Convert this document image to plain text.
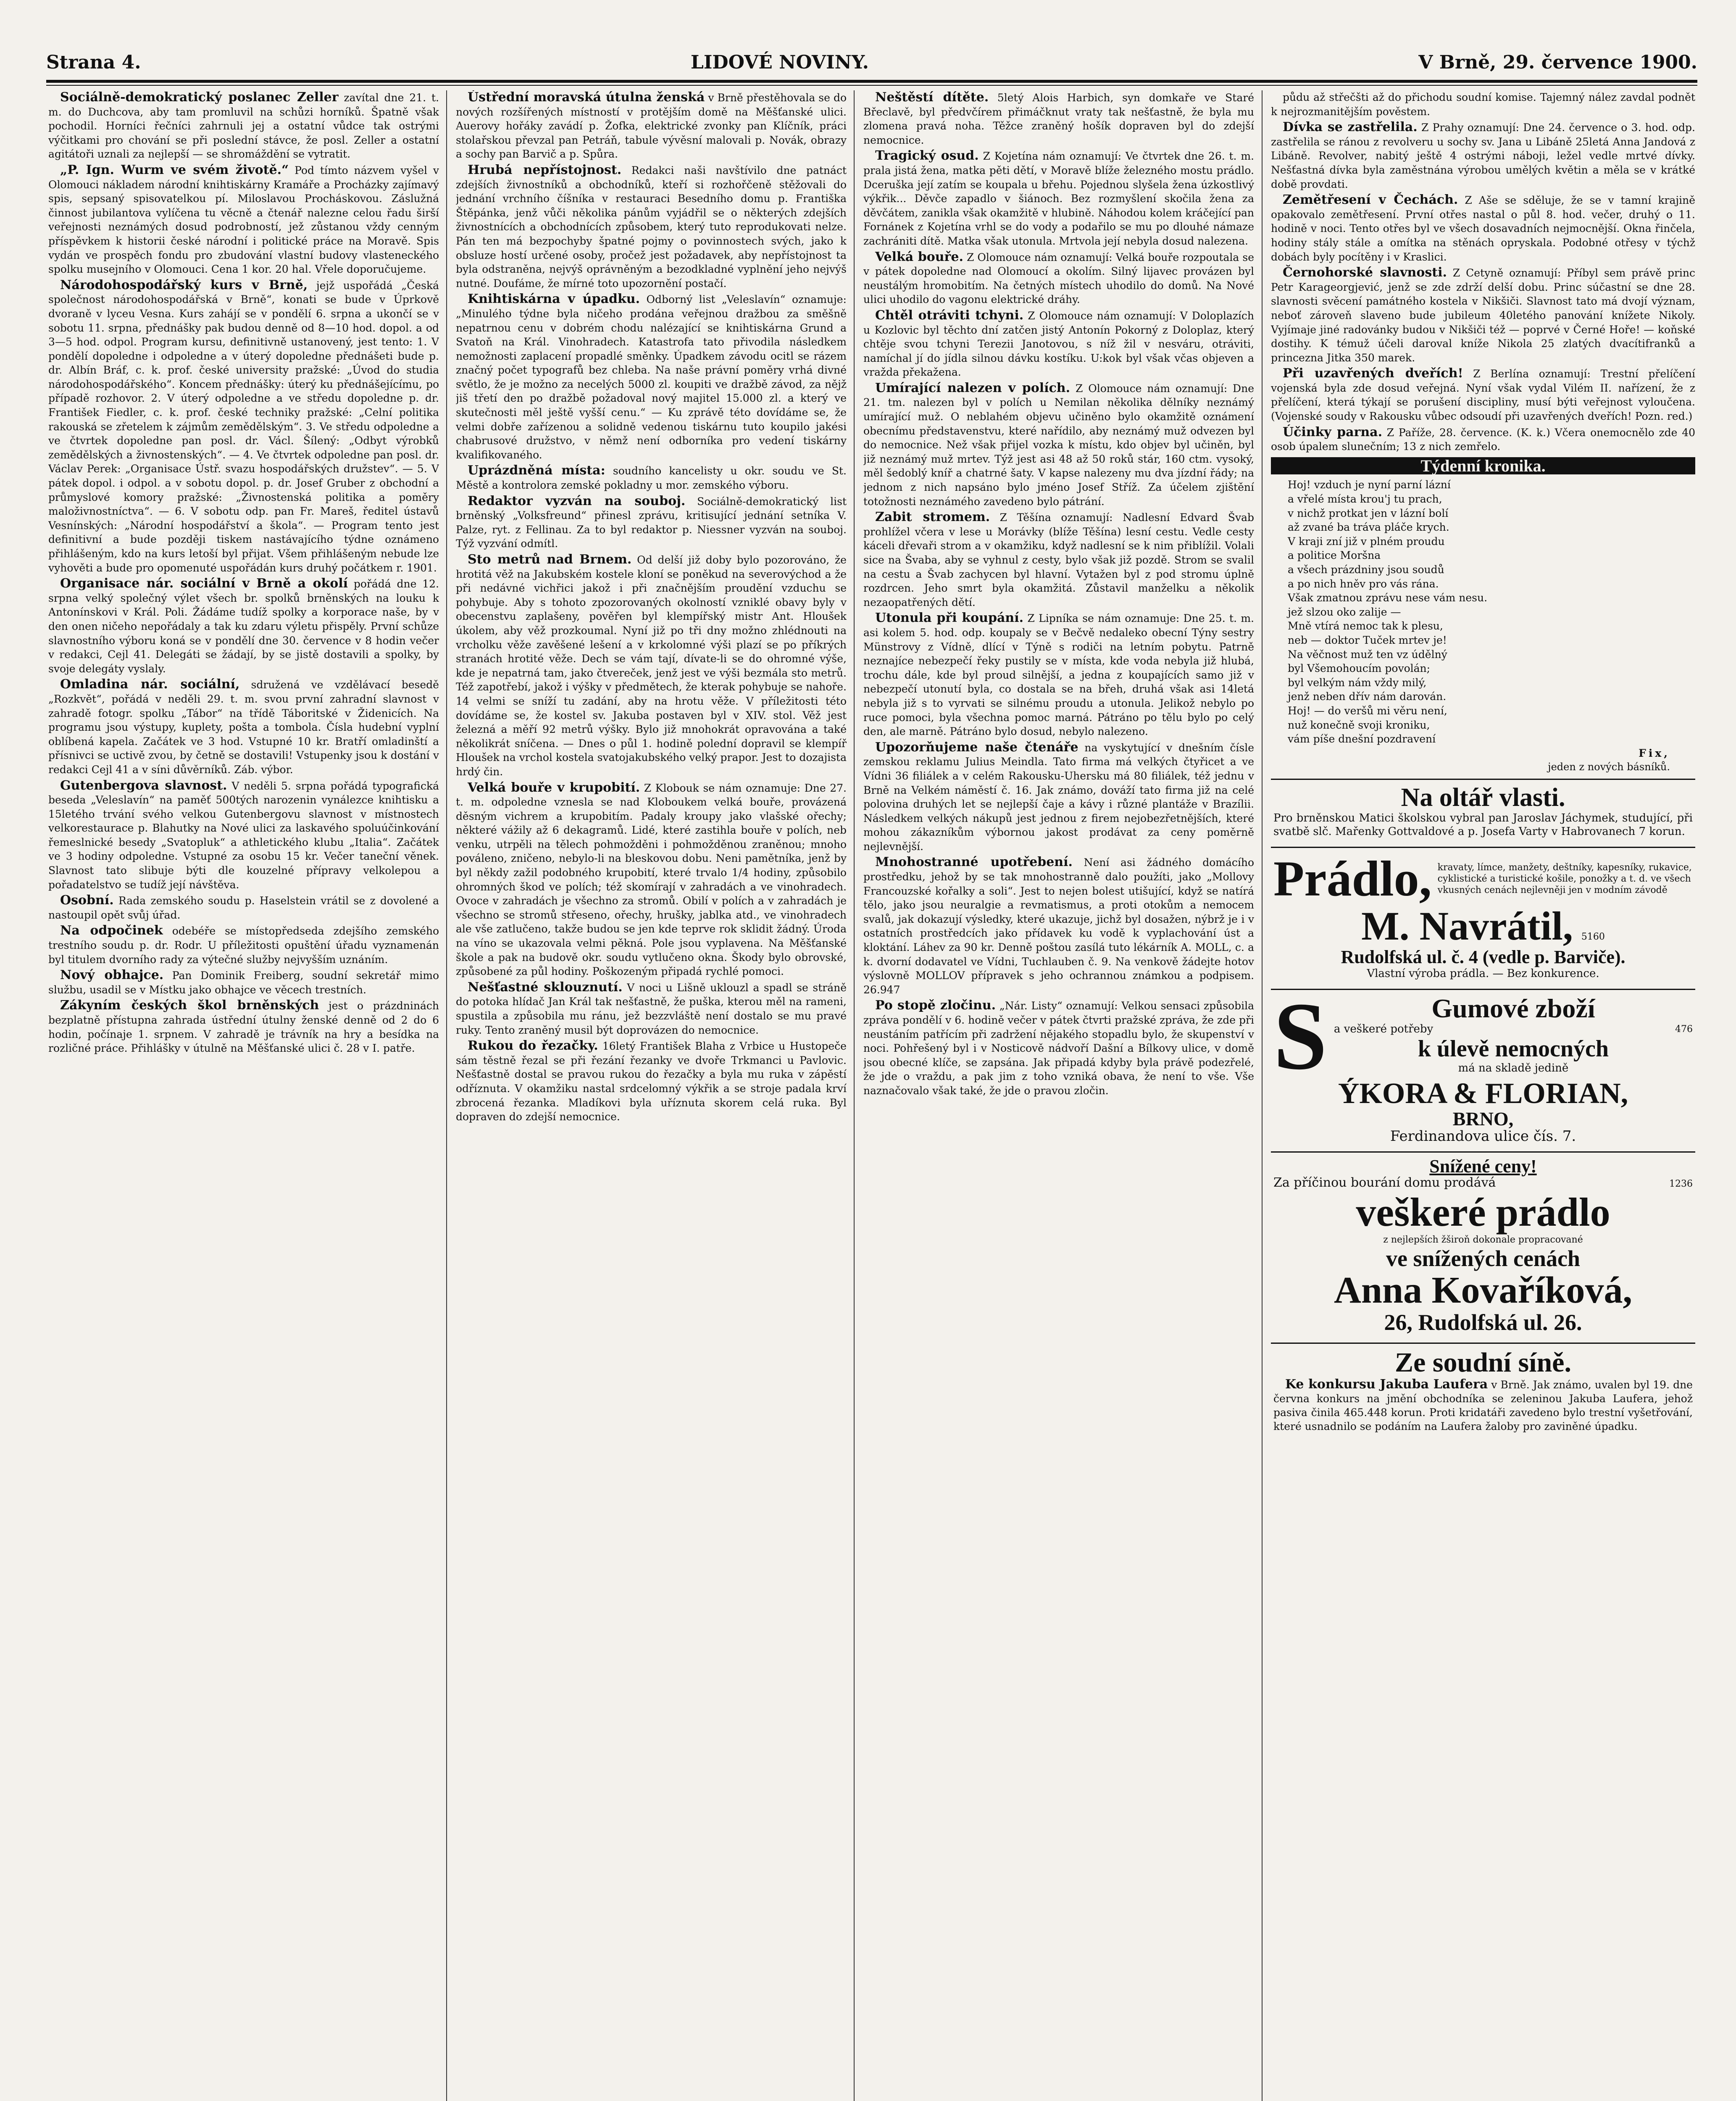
Strana 4.	LIDOVÉ NOVINY.	V Brně, 29. července 1900.

Sociálně-demokratický poslanec Zeller zavítal dne 21. t. m. do Duchcova, aby tam promluvil na schůzi horníků. Špatně však pochodil. Horníci řečníci zahrnuli jej a ostatní vůdce tak ostrými výčitkami pro chování se při poslední stávce, že posl. Zeller a ostatní agitátoři uznali za nejlepší — se shromáždění se vytratit.

„P. Ign. Wurm ve svém životě.“ Pod tímto názvem vyšel v Olomouci nákladem národní knihtiskárny Kramáře a Procházky zajímavý spis, sepsaný spisovatelkou pí. Miloslavou Procháskovou. Záslužná činnost jubilantova vylíčena tu věcně a čtenář nalezne celou řadu širší veřejnosti neznámých dosud podrobností, jež zůstanou vždy cenným příspěvkem k historii české národní i politické práce na Moravě. Spis vydán ve prospěch fondu pro zbudování vlastní budovy vlasteneckého spolku musejního v Olomouci. Cena 1 kor. 20 hal. Vřele doporučujeme.

Národohospodářský kurs v Brně, jejž uspořádá „Česká společnost národohospodářská v Brně“, konati se bude v Úprkově dvoraně v lyceu Vesna. Kurs zahájí se v pondělí 6. srpna a ukončí se v sobotu 11. srpna, přednášky pak budou denně od 8—10 hod. dopol. a od 3—5 hod. odpol. Program kursu, definitivně ustanovený, jest tento: 1. V pondělí dopoledne i odpoledne a v úterý dopoledne přednášeti bude p. dr. Albín Bráf, c. k. prof. české university pražské: „Úvod do studia národohospodářského“. Koncem přednášky: úterý ku přednášejícímu, po případě rozhovor. 2. V úterý odpoledne a ve středu dopoledne p. dr. František Fiedler, c. k. prof. české techniky pražské: „Celní politika rakouská se zřetelem k zájmům zemědělským“. 3. Ve středu odpoledne a ve čtvrtek dopoledne pan posl. dr. Václ. Šílený: „Odbyt výrobků zemědělských a živnostenských“. — 4. Ve čtvrtek odpoledne pan posl. dr. Václav Perek: „Organisace Ústř. svazu hospodářských družstev“. — 5. V pátek dopol. i odpol. a v sobotu dopol. p. dr. Josef Gruber z obchodní a průmyslové komory pražské: „Živnostenská politika a poměry maloživnostníctva“. — 6. V sobotu odp. pan Fr. Mareš, ředitel ústavů Vesnínských: „Národní hospodářství a škola“. — Program tento jest definitivní a bude později tiskem nastávajícího týdne oznámeno přihlášeným, kdo na kurs letoší byl přijat. Všem přihlášeným nebude lze vyhověti a bude pro opomenuté uspořádán kurs druhý počátkem r. 1901.

Organisace nár. sociální v Brně a okolí pořádá dne 12. srpna velký společný výlet všech br. spolků brněnských na louku k Antonínskovi v Král. Poli. Žádáme tudíž spolky a korporace naše, by v den onen ničeho nepořádaly a tak ku zdaru výletu přispěly. První schůze slavnostního výboru koná se v pondělí dne 30. července v 8 hodin večer v redakci, Cejl 41. Delegáti se žádají, by se jistě dostavili a spolky, by svoje delegáty vyslaly.

Omladina nár. sociální, sdružená ve vzdělávací besedě „Rozkvět“, pořádá v neděli 29. t. m. svou první zahradní slavnost v zahradě fotogr. spolku „Tábor“ na třídě Táboritské v Židenicích. Na programu jsou výstupy, kuplety, pošta a tombola. Čísla hudební vyplní oblíbená kapela. Začátek ve 3 hod. Vstupné 10 kr. Bratří omladinští a přísnivci se uctivě zvou, by četně se dostavili! Vstupenky jsou k dostání v redakci Cejl 41 a v síni důvěrníků. Záb. výbor.

Gutenbergova slavnost. V neděli 5. srpna pořádá typografická beseda „Veleslavín“ na paměť 500tých narozenin vynálezce knihtisku a 15letého trvání svého velkou Gutenbergovu slavnost v místnostech velkorestaurace p. Blahutky na Nové ulici za laskavého spoluúčinkování řemeslnické besedy „Svatopluk“ a athletického klubu „Italia“. Začátek ve 3 hodiny odpoledne. Vstupné za osobu 15 kr. Večer taneční věnek. Slavnost tato slibuje býti dle kouzelné přípravy velkolepou a pořadatelstvo se tudíž její návštěva.

Osobní. Rada zemského soudu p. Haselstein vrátil se z dovolené a nastoupil opět svůj úřad.

Na odpočinek odebéře se místopředseda zdejšího zemského trestního soudu p. dr. Rodr. U příležitosti opuštění úřadu vyznamenán byl titulem dvorního rady za výtečné služby nejvyšším uznáním.

Nový obhajce. Pan Dominik Freiberg, soudní sekretář mimo službu, usadil se v Místku jako obhajce ve věcech trestních.

Zákyním českých škol brněnských jest o prázdninách bezplatně přístupna zahrada ústřední útulny ženské denně od 2 do 6 hodin, počínaje 1. srpnem. V zahradě je trávník na hry a besídka na rozličné práce. Přihlášky v útulně na Měšťanské ulici č. 28 v I. patře.

Ústřední moravská útulna ženská v Brně přestěhovala se do nových rozšířených místností v protějším domě na Měšťanské ulici. Auerovy hořáky zavádí p. Žofka, elektrické zvonky pan Klíčník, práci stolařskou převzal pan Petráň, tabule vývěsní malovali p. Novák, obrazy a sochy pan Barvič a p. Spůra.

Hrubá nepřístojnost. Redakci naši navštívilo dne patnáct zdejších živnostníků a obchodníků, kteří si rozhořčeně stěžovali do jednání vrchního číšníka v restauraci Besedního domu p. Františka Štěpánka, jenž vůči několika pánům vyjádřil se o některých zdejších živnostnících a obchodnících způsobem, který tuto reprodukovati nelze. Pán ten má bezpochyby špatné pojmy o povinnostech svých, jako k obsluze hostí určené osoby, pročež jest požadavek, aby nepřístojnost ta byla odstraněna, nejvýš oprávněným a bezodkladné vyplnění jeho nejvýš nutné. Doufáme, že mírné toto upozornění postačí.

Knihtiskárna v úpadku. Odborný list „Veleslavín“ oznamuje: „Minulého týdne byla ničeho prodána veřejnou dražbou za směšně nepatrnou cenu v dobrém chodu nalézající se knihtiskárna Grund a Svatoň na Král. Vinohradech. Katastrofa tato přivodila následkem nemožnosti zaplacení propadlé směnky. Úpadkem závodu ocitl se rázem značný počet typografů bez chleba. Na naše právní poměry vrhá divné světlo, že je možno za necelých 5000 zl. koupiti ve dražbě závod, za nějž jiš třetí den po dražbě požadoval nový majitel 15.000 zl. a který ve skutečnosti měl ještě vyšší cenu.“ — Ku zprávě této dovídáme se, že velmi dobře zařízenou a solidně vedenou tiskárnu tuto koupilo jakési chabrusové družstvo, v němž není odborníka pro vedení tiskárny kvalifikovaného.

Uprázdněná místa: soudního kancelisty u okr. soudu ve St. Městě a kontrolora zemské pokladny u mor. zemského výboru.

Redaktor vyzván na souboj. Sociálně-demokratický list brněnský „Volksfreund“ přinesl zprávu, kritisující jednání setníka V. Palze, ryt. z Fellinau. Za to byl redaktor p. Niessner vyzván na souboj. Týž vyzvání odmítl.

Sto metrů nad Brnem. Od delší již doby bylo pozorováno, že hrotitá věž na Jakubském kostele kloní se poněkud na severovýchod a že při nedávné vichřici jakož i při značnějším proudění vzduchu se pohybuje. Aby s tohoto zpozorovaných okolností vzniklé obavy byly v obecenstvu zaplašeny, pověřen byl klempířský mistr Ant. Hloušek úkolem, aby věž prozkoumal. Nyní již po tři dny možno zhlédnouti na vrcholku věže zavěšené lešení a v krkolomné výši plazí se po příkrých stranách hrotité věže. Dech se vám tají, dívate-li se do ohromné výše, kde je nepatrná tam, jako čtvereček, jenž jest ve výši bezmála sto metrů. Též zapotřebí, jakož i výšky v předmětech, že kterak pohybuje se nahoře. 14 velmi se sníží tu zadání, aby na hrotu věže. V příležitosti této dovídáme se, že kostel sv. Jakuba postaven byl v XIV. stol. Věž jest železná a měří 92 metrů výšky. Bylo již mnohokrát opravována a také několikrát sníčena. — Dnes o půl 1. hodině polední dopravil se klempíř Hloušek na vrchol kostela svatojakubského velký prapor. Jest to dozajista hrdý čin.

Velká bouře v krupobití. Z Klobouk se nám oznamuje: Dne 27. t. m. odpoledne vznesla se nad Kloboukem velká bouře, provázená děsným vichrem a krupobitím. Padaly kroupy jako vlašské ořechy; některé vážily až 6 dekagramů. Lidé, které zastihla bouře v polích, neb venku, utrpěli na tělech pohmožděni i pohmožděnou zraněnou; mnoho pováleno, zničeno, nebylo-li na bleskovou dobu. Neni pamětníka, jenž by byl někdy zažil podobného krupobití, které trvalo 1/4 hodiny, způsobilo ohromných škod ve polích; též skomírají v zahradách a ve vinohradech. Ovoce v zahradách je všechno za stromů. Obilí v polích a v zahradách je všechno se stromů střeseno, ořechy, hrušky, jablka atd., ve vinohradech ale vše zatlučeno, takže budou se jen kde teprve rok sklidit žádný. Úroda na víno se ukazovala velmi pěkná. Pole jsou vyplavena. Na Měšťanské škole a pak na budově okr. soudu vytlučeno okna. Škody bylo obrovské, způsobené za půl hodiny. Poškozeným připadá rychlé pomoci.

Nešťastné sklouznutí. V noci u Lišně uklouzl a spadl se stráně do potoka hlídač Jan Král tak nešťastně, že puška, kterou měl na rameni, spustila a způsobila mu ránu, jež bezzvláště není dostalo se mu pravé ruky. Tento zraněný musil být doprovázen do nemocnice.

Rukou do řezačky. 16letý František Blaha z Vrbice u Hustopeče sám těstně řezal se při řezání řezanky ve dvoře Trkmanci u Pavlovic. Nešťastně dostal se pravou rukou do řezačky a byla mu ruka v zápěstí odříznuta. V okamžiku nastal srdcelomný výkřik a se stroje padala krví zbrocená řezanka. Mladíkovi byla uříznuta skorem celá ruka. Byl dopraven do zdejší nemocnice.

Neštěstí dítěte. 5letý Alois Harbich, syn domkaře ve Staré Břeclavě, byl předvčírem přimáčknut vraty tak nešťastně, že byla mu zlomena pravá noha. Těžce zraněný hošík dopraven byl do zdejší nemocnice.

Tragický osud. Z Kojetína nám oznamují: Ve čtvrtek dne 26. t. m. prala jistá žena, matka pěti dětí, v Moravě blíže železného mostu prádlo. Dceruška její zatím se koupala u břehu. Pojednou slyšela žena úzkostlivý výkřik... Děvče zapadlo v šiánoch. Bez rozmyšlení skočila žena za děvčátem, zanikla však okamžitě v hlubině. Náhodou kolem kráčející pan Fornánek z Kojetína vrhl se do vody a podařilo se mu po dlouhé námaze zachrániti dítě. Matka však utonula. Mrtvola její nebyla dosud nalezena.

Velká bouře. Z Olomouce nám oznamují: Velká bouře rozpoutala se v pátek dopoledne nad Olomoucí a okolím. Silný lijavec provázen byl neustálým hromobitím. Na četných místech uhodilo do domů. Na Nové ulici uhodilo do vagonu elektrické dráhy.

Chtěl otráviti tchyni. Z Olomouce nám oznamují: V Doloplazích u Kozlovic byl těchto dní zatčen jistý Antonín Pokorný z Doloplaz, který chtěje svou tchyni Terezii Janotovou, s níž žil v nesváru, otráviti, namíchal jí do jídla silnou dávku kostíku. U:kok byl však včas objeven a vražda překažena.

Umírající nalezen v polích. Z Olomouce nám oznamují: Dne 21. tm. nalezen byl v polích u Nemilan několika dělníky neznámý umírající muž. O neblahém objevu učiněno bylo okamžitě oznámení obecnímu představenstvu, které nařídilo, aby neznámý muž odvezen byl do nemocnice. Než však přijel vozka k místu, kdo objev byl učiněn, byl již neznámý muž mrtev. Týž jest asi 48 až 50 roků stár, 160 ctm. vysoký, měl šedoblý kníř a chatrné šaty. V kapse nalezeny mu dva jízdní řády; na jednom z nich napsáno bylo jméno Josef Stříž. Za účelem zjištění totožnosti neznámého zavedeno bylo pátrání.

Zabit stromem. Z Těšína oznamují: Nadlesní Edvard Švab prohlížel včera v lese u Morávky (blíže Těšína) lesní cestu. Vedle cesty káceli dřevaři strom a v okamžiku, když nadlesní se k nim přiblížil. Volali sice na Švaba, aby se vyhnul z cesty, bylo však již pozdě. Strom se svalil na cestu a Švab zachycen byl hlavní. Vytažen byl z pod stromu úplně rozdrcen. Jeho smrt byla okamžitá. Zůstavil manželku a několik nezaopatřených dětí.

Utonula při koupání. Z Lipníka se nám oznamuje: Dne 25. t. m. asi kolem 5. hod. odp. koupaly se v Bečvě nedaleko obecní Týny sestry Münstrovy z Vídně, dlící v Týně s rodiči na letním pobytu. Patrně neznajíce nebezpečí řeky pustily se v místa, kde voda nebyla již hlubá, trochu dále, kde byl proud silnější, a jedna z koupajících samo již v nebezpečí utonutí byla, co dostala se na břeh, druhá však asi 14letá nebyla již s to vyrvati se silnému proudu a utonula. Jelikož nebylo po ruce pomoci, byla všechna pomoc marná. Pátráno po tělu bylo po celý den, ale marně. Pátráno bylo dosud, nebylo nalezeno.

Upozorňujeme naše čtenáře na vyskytující v dnešním čísle zemskou reklamu Julius Meindla. Tato firma má velkých čtyřicet a ve Vídni 36 filiálek a v celém Rakousku-Uhersku má 80 filiálek, též jednu v Brně na Velkém náměstí č. 16. Jak známo, dováží tato firma již na celé polovina druhých let se nejlepší čaje a kávy i různé plantáže v Brazílii. Následkem velkých nákupů jest jednou z firem nejobezřetnějších, které mohou zákazníkům výbornou jakost prodávat za ceny poměrně nejlevnější.

Mnohostranné upotřebení. Není asi žádného domácího prostředku, jehož by se tak mnohostranně dalo použíti, jako „Mollovy Francouzské kořalky a soli“. Jest to nejen bolest utišující, když se natírá tělo, jako jsou neuralgie a revmatismus, a proti otokům a nemocem svalů, jak dokazují výsledky, které ukazuje, jichž byl dosažen, nýbrž je i v ostatních prostředcích jako přídavek ku vodě k vyplachování úst a kloktání. Láhev za 90 kr. Denně poštou zasílá tuto lékárník A. MOLL, c. a k. dvorní dodavatel ve Vídni, Tuchlauben č. 9. Na venkově žádejte hotov výslovně MOLLOV přípravek s jeho ochrannou známkou a podpisem. 26.947

Po stopě zločinu. „Nár. Listy“ oznamují: Velkou sensaci způsobila zpráva pondělí v 6. hodině večer v pátek čtvrti pražské zpráva, že zde při neustáním patřícím při zadržení nějakého stopadlu bylo, že skupenství v noci. Pohřešený byl i v Nosticově nádvoří Dašní a Bílkovy ulice, v domě jsou obecné klíče, se zapsána. Jak připadá kdyby byla právě podezřelé, že jde o vraždu, a pak jim z toho vzniká obava, že není to vše. Vše naznačovalo však také, že jde o pravou zločin.

půdu až střečšti až do přichodu soudní komise. Tajemný nález zavdal podnět k nejrozmanitějším pověstem.

Dívka se zastřelila. Z Prahy oznamují: Dne 24. července o 3. hod. odp. zastřelila se ránou z revolveru u sochy sv. Jana u Libáně 25letá Anna Jandová z Libáně. Revolver, nabitý ještě 4 ostrými náboji, ležel vedle mrtvé dívky. Nešťastná dívka byla zaměstnána výrobou umělých květin a měla se v krátké době provdati.

Zemětřesení v Čechách. Z Aše se sděluje, že se v tamní krajině opakovalo zemětřesení. První otřes nastal o půl 8. hod. večer, druhý o 11. hodině v noci. Tento otřes byl ve všech dosavadních nejmocnější. Okna řinčela, hodiny stály stále a omítka na stěnách opryskala. Podobné otřesy v týchž dobách byly pocítěny i v Kraslici.

Černohorské slavnosti. Z Cetyně oznamují: Příbyl sem právě princ Petr Karageorgjević, jenž se zde zdrží delší dobu. Princ súčastní se dne 28. slavnosti svěcení památného kostela v Nikšiči. Slavnost tato má dvojí význam, neboť zároveň slaveno bude jubileum 40letého panování knížete Nikoly. Vyjímaje jiné radovánky budou v Nikšiči též — poprvé v Černé Hoře! — koňské dostihy. K témuž účeli daroval kníže Nikola 25 zlatých dvacítifranků a princezna Jitka 350 marek.

Při uzavřených dveřích! Z Berlína oznamují: Trestní přelíčení vojenská byla zde dosud veřejná. Nyní však vydal Vilém II. nařízení, že z přelíčení, která týkají se porušení discipliny, musí býti veřejnost vyloučena. (Vojenské soudy v Rakousku vůbec odsoudí při uzavřených dveřích! Pozn. red.)

Účinky parna. Z Paříže, 28. července. (K. k.) Včera onemocnělo zde 40 osob úpalem slunečním; 13 z nich zemřelo.

Týdenní kronika.

Hoj! vzduch je nyní parní lázní

a vřelé místa krou'j tu prach,

v nichž protkat jen v lázní bolí

až zvané ba tráva pláče krych.

V kraji zní již v plném proudu

a politice Moršna

a všech prázdniny jsou soudů

a po nich hněv pro vás rána.

Však zmatnou zprávu nese vám nesu.

jež slzou oko zalije —

Mně vtírá nemoc tak k plesu,

neb — doktor Tuček mrtev je!

Na věčnost muž ten vz údělný

byl Všemohoucím povolán;

byl velkým nám vždy milý,

jenž neben dřív nám darován.

Hoj! — do veršů mi věru není,

nuž konečně svoji kroniku,

vám píše dnešní pozdravení

Fix,
jeden z nových básníků.
Na oltář vlasti.
Pro brněnskou Matici školskou vybral pan Jaroslav Jáchymek, studující, při svatbě slč. Mařenky Gottvaldové a p. Josefa Varty v Habrovanech 7 korun.
Prádlo, kravaty, límce, manžety, deštníky, kapesníky, rukavice, cyklistické a turistické košile, ponožky a t. d. ve všech vkusných cenách nejlevněji jen v modním závodě
M. Navrátil, 5160
Rudolfská ul. č. 4 (vedle p. Barviče).
Vlastní výroba prádla. — Bez konkurence.
S	Gumové zboží
a veškeré potřeby	476
k úlevě nemocných
má na skladě jedině
ÝKORA & FLORIAN,
BRNO,
Ferdinandova ulice čís. 7.
Snížené ceny!
Za příčinou bourání domu prodává	1236
veškeré prádlo
z nejlepších žširoň dokonale propracované
ve snížených cenách
Anna Kovaříková,
26, Rudolfská ul. 26.
Ze soudní síně.

Ke konkursu Jakuba Laufera v Brně. Jak známo, uvalen byl 19. dne června konkurs na jmění obchodníka se zeleninou Jakuba Laufera, jehož pasiva činila 465.448 korun. Proti kridatáři zavedeno bylo trestní vyšetřování, které usnadnilo se podáním na Laufera žaloby pro zaviněné úpadku.
